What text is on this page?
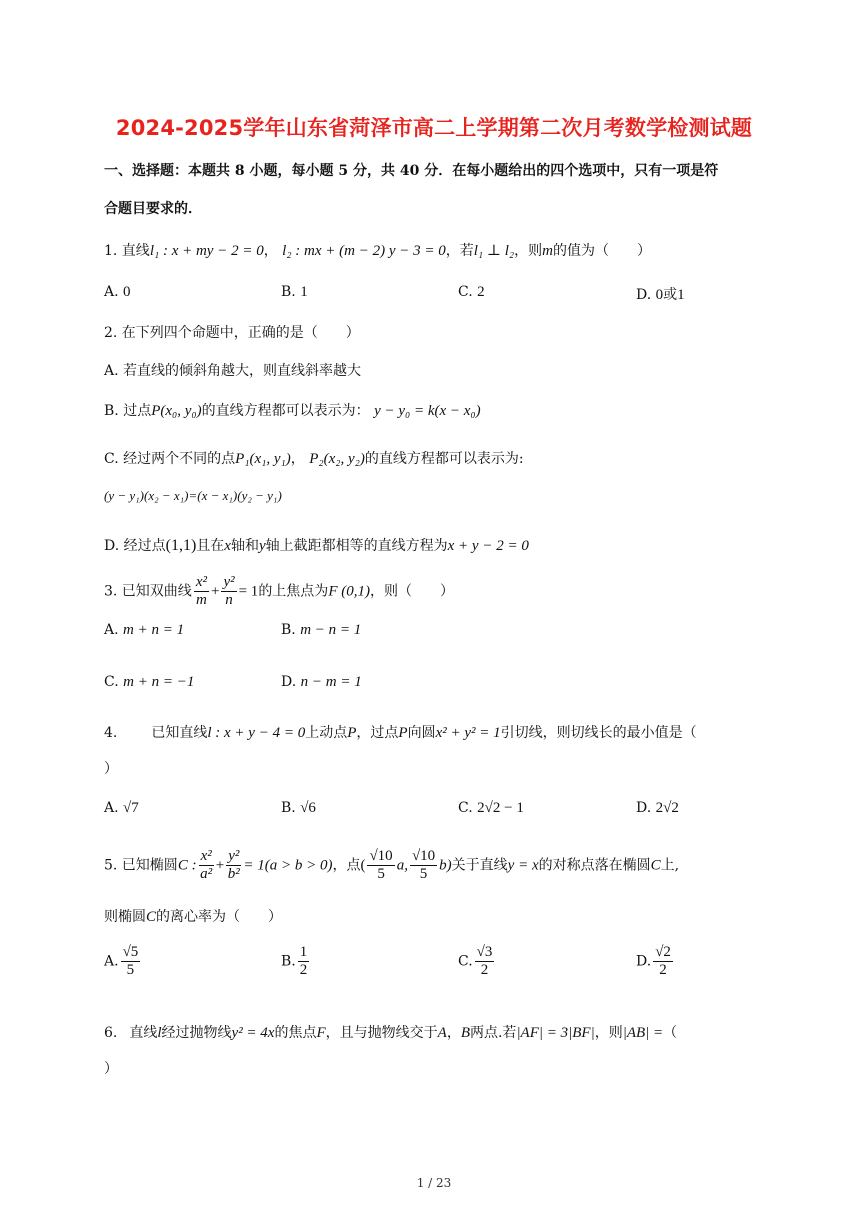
2024-2025学年山东省菏泽市高二上学期第二次月考数学检测试题
一、选择题：本题共 8 小题，每小题 5 分，共 40 分．在每小题给出的四个选项中，只有一项是符
合题目要求的．
1. 直线l₁ : x + my − 2 = 0， l₂ : mx + (m − 2) y − 3 = 0，若l₁ ⊥ l₂，则m的值为（　　）
A. 0	B. 1	C. 2	D. 0或1
2. 在下列四个命题中，正确的是（　　）
A. 若直线的倾斜角越大，则直线斜率越大
B. 过点P(x₀, y₀)的直线方程都可以表示为： y − y₀ = k(x − x₀)
C. 经过两个不同的点P₁(x₁, y₁)， P₂(x₂, y₂)的直线方程都可以表示为:
(y − y₁)(x₂ − x₁)=(x − x₁)(y₂ − y₁)
D. 经过点(1,1)且在x轴和y轴上截距都相等的直线方程为x + y − 2 = 0
3. 已知双曲线 $\frac{\text{x²}}{m} + \frac{\text{y²}}{n} = 1$的上焦点为F (0,1)，则（　　）
A. m + n = 1	B. m − n = 1
C. m + n = −1	D. n − m = 1
4. 已知直线l : x + y − 4 = 0上动点P，过点P向圆x² + y² = 1引切线，则切线长的最小值是（
）
A. √7	B. √6	C. 2√2 − 1	D. 2√2
5. 已知椭圆C : $\frac{\text{x²}}{\text{a²}} + \frac{\text{y²}}{\text{b²}} = 1(a > b > 0)$，点( $\frac{√10}{5} a$, $\frac{√10}{5} b$)关于直线y = x的对称点落在椭圆C上,
则椭圆C的离心率为（　　）
A. $\frac{√5}{5}$	B. $\frac{1}{2}$	C. $\frac{√3}{2}$	D. $\frac{√2}{2}$
6. 直线l经过抛物线y² = 4x的焦点F，且与抛物线交于A，B两点.若|AF| = 3|BF|，则|AB| =（
）
1 / 23
